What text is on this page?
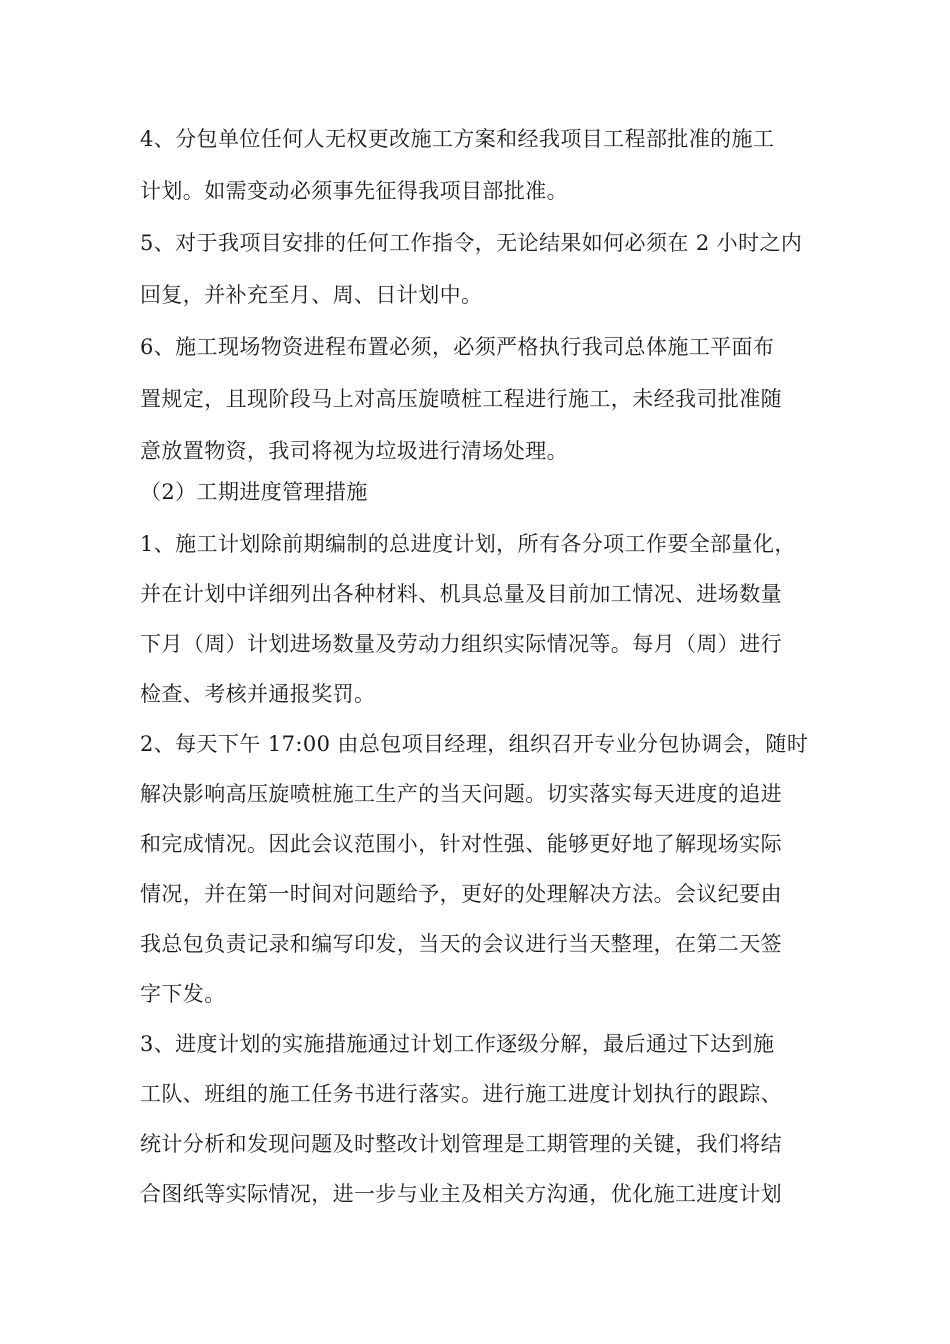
4、分包单位任何人无权更改施工方案和经我项目工程部批准的施工
计划。如需变动必须事先征得我项目部批准。
5、对于我项目安排的任何工作指令，无论结果如何必须在 2 小时之内
回复，并补充至月、周、日计划中。
6、施工现场物资进程布置必须，必须严格执行我司总体施工平面布
置规定，且现阶段马上对高压旋喷桩工程进行施工，未经我司批准随
意放置物资，我司将视为垃圾进行清场处理。
（2）工期进度管理措施
1、施工计划除前期编制的总进度计划，所有各分项工作要全部量化，
并在计划中详细列出各种材料、机具总量及目前加工情况、进场数量
下月（周）计划进场数量及劳动力组织实际情况等。每月（周）进行
检查、考核并通报奖罚。
2、每天下午 17:00 由总包项目经理，组织召开专业分包协调会，随时
解决影响高压旋喷桩施工生产的当天问题。切实落实每天进度的追进
和完成情况。因此会议范围小，针对性强、能够更好地了解现场实际
情况，并在第一时间对问题给予，更好的处理解决方法。会议纪要由
我总包负责记录和编写印发，当天的会议进行当天整理，在第二天签
字下发。
3、进度计划的实施措施通过计划工作逐级分解，最后通过下达到施
工队、班组的施工任务书进行落实。进行施工进度计划执行的跟踪、
统计分析和发现问题及时整改计划管理是工期管理的关键，我们将结
合图纸等实际情况，进一步与业主及相关方沟通，优化施工进度计划
